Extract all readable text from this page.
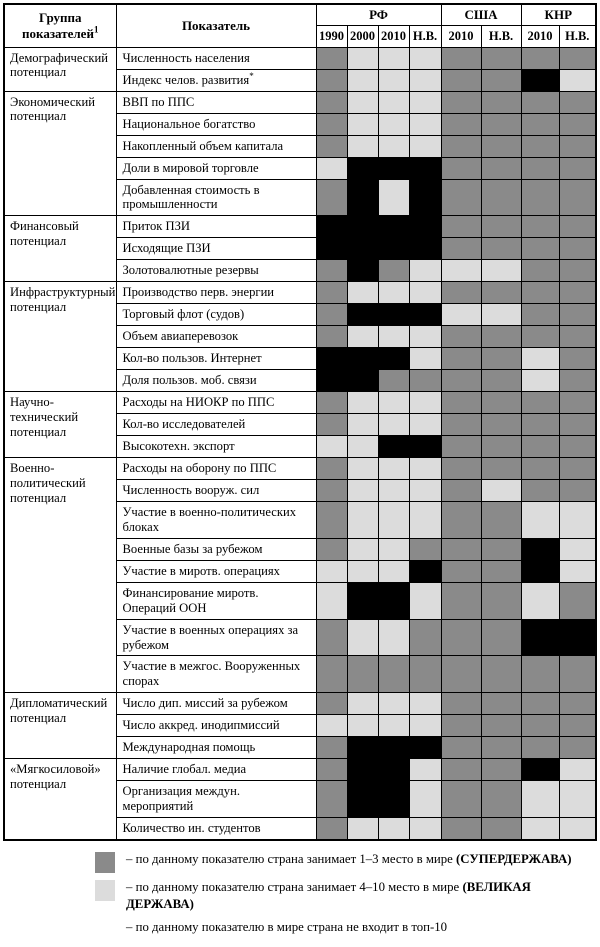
Группа показателей$^1$	Показатель	РФ				США		КНР	
		1990	2000	2010	Н.В.	2010	Н.В.	2010	Н.В.
Демографический потенциал	Численность населения								
	Индекс челов. развития*								
Экономический потенциал	ВВП по ППС								
	Национальное богатство								
	Накопленный объем капитала								
	Доли в мировой торговле								
	Добавленная стоимость в промышленности								
Финансовый потенциал	Приток ПЗИ								
	Исходящие ПЗИ								
	Золотовалютные резервы								
Инфраструктурный потенциал	Производство перв. энергии								
	Торговый флот (судов)								
	Объем авиаперевозок								
	Кол-во пользов. Интернет								
	Доля пользов. моб. связи								
Научно-технический потенциал	Расходы на НИОКР по ППС								
	Кол-во исследователей								
	Высокотехн. экспорт								
Военно-политический потенциал	Расходы на оборону по ППС								
	Численность вооруж. сил								
	Участие в военно-политических блоках								
	Военные базы за рубежом								
	Участие в миротв. операциях								
	Финансирование миротв. Операций ООН								
	Участие в военных операциях за рубежом								
	Участие в межгос. Вооруженных спорах								
Дипломатический потенциал	Число дип. миссий за рубежом								
	Число аккред. инодипмиссий								
	Международная помощь								
«Мягкосиловой» потенциал	Наличие глобал. медиа								
	Организация междун. мероприятий								
	Количество ин. студентов								
– по данному показателю страна занимает 1–3 место в мире (СУПЕРДЕРЖАВА)
– по данному показателю страна занимает 4–10 место в мире (ВЕЛИКАЯ ДЕРЖАВА)
– по данному показателю в мире страна не входит в топ-10
